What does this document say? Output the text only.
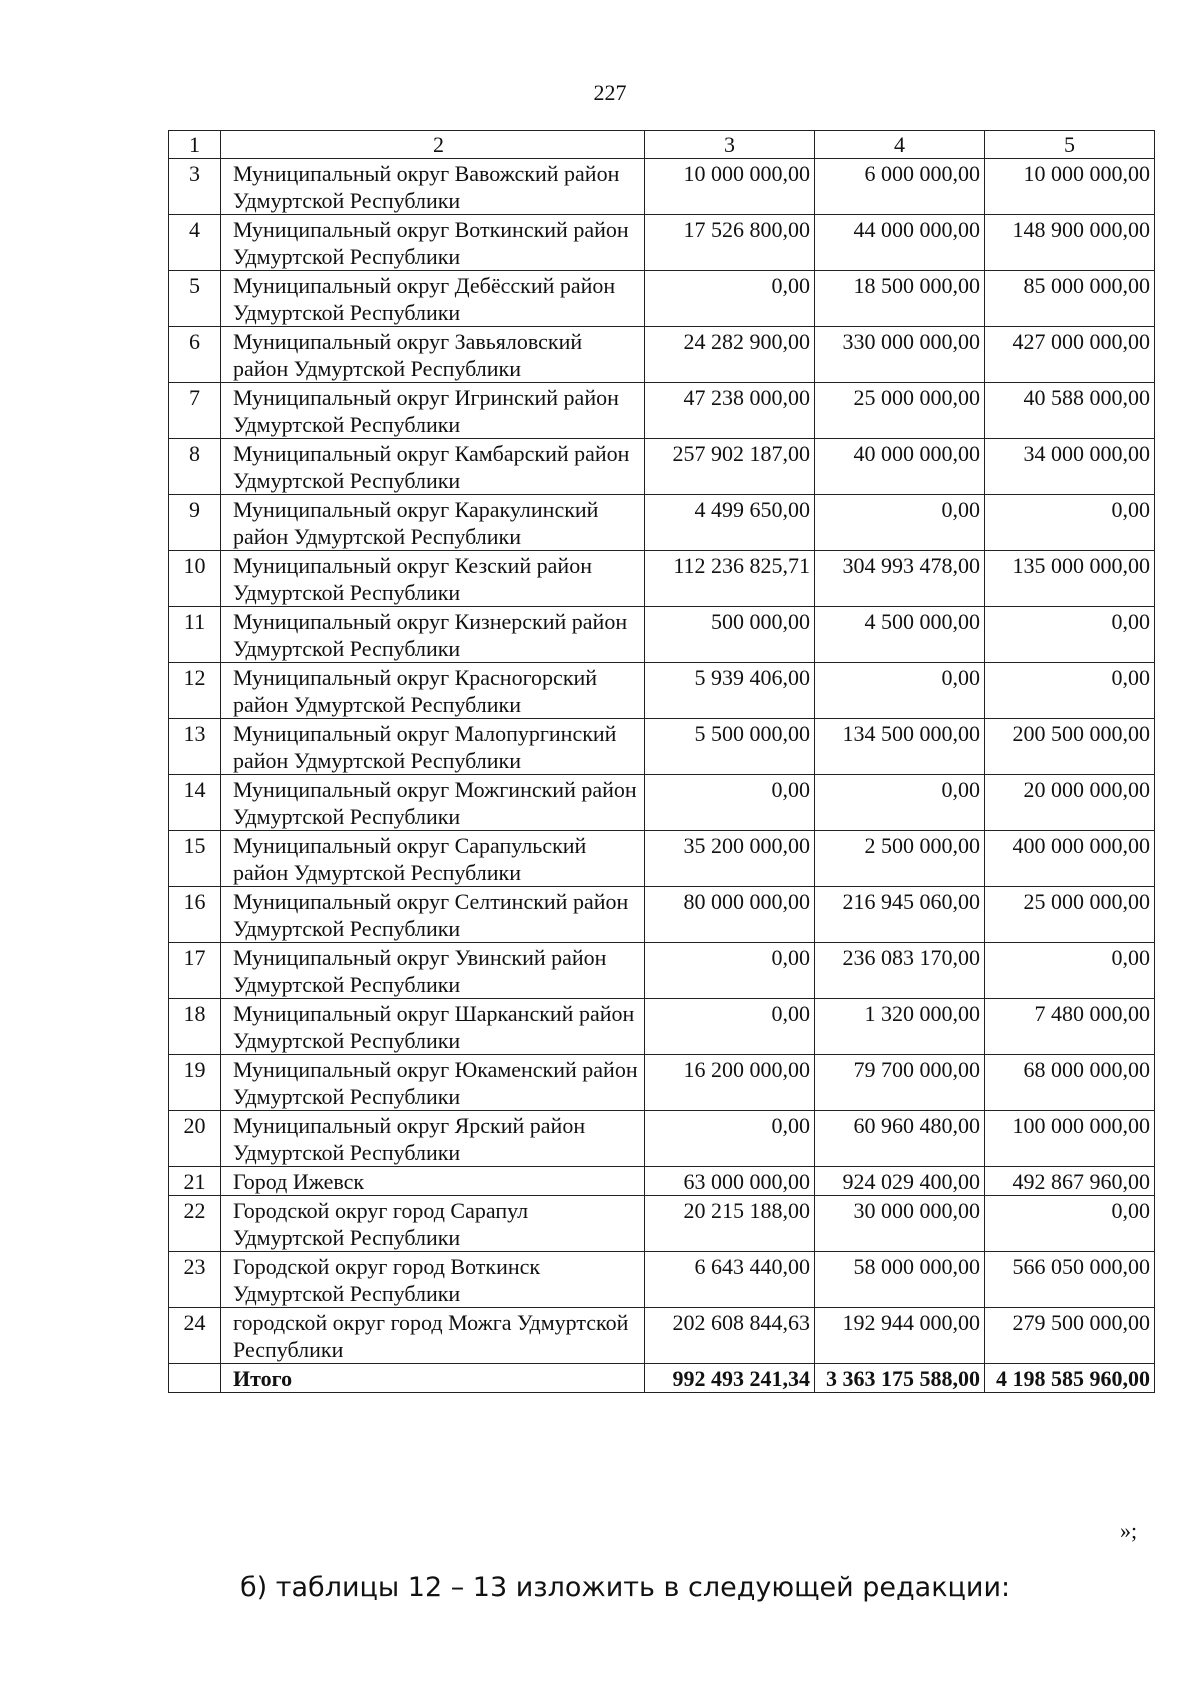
227
1	2	3	4	5
3	Муниципальный округ Вавожский район Удмуртской Республики	10 000 000,00	6 000 000,00	10 000 000,00
4	Муниципальный округ Воткинский район Удмуртской Республики	17 526 800,00	44 000 000,00	148 900 000,00
5	Муниципальный округ Дебёсский район Удмуртской Республики	0,00	18 500 000,00	85 000 000,00
6	Муниципальный округ Завьяловский район Удмуртской Республики	24 282 900,00	330 000 000,00	427 000 000,00
7	Муниципальный округ Игринский район Удмуртской Республики	47 238 000,00	25 000 000,00	40 588 000,00
8	Муниципальный округ Камбарский район Удмуртской Республики	257 902 187,00	40 000 000,00	34 000 000,00
9	Муниципальный округ Каракулинский район Удмуртской Республики	4 499 650,00	0,00	0,00
10	Муниципальный округ Кезский район Удмуртской Республики	112 236 825,71	304 993 478,00	135 000 000,00
11	Муниципальный округ Кизнерский район Удмуртской Республики	500 000,00	4 500 000,00	0,00
12	Муниципальный округ Красногорский район Удмуртской Республики	5 939 406,00	0,00	0,00
13	Муниципальный округ Малопургинский район Удмуртской Республики	5 500 000,00	134 500 000,00	200 500 000,00
14	Муниципальный округ Можгинский район Удмуртской Республики	0,00	0,00	20 000 000,00
15	Муниципальный округ Сарапульский район Удмуртской Республики	35 200 000,00	2 500 000,00	400 000 000,00
16	Муниципальный округ Селтинский район Удмуртской Республики	80 000 000,00	216 945 060,00	25 000 000,00
17	Муниципальный округ Увинский район Удмуртской Республики	0,00	236 083 170,00	0,00
18	Муниципальный округ Шарканский район Удмуртской Республики	0,00	1 320 000,00	7 480 000,00
19	Муниципальный округ Юкаменский район Удмуртской Республики	16 200 000,00	79 700 000,00	68 000 000,00
20	Муниципальный округ Ярский район Удмуртской Республики	0,00	60 960 480,00	100 000 000,00
21	Город Ижевск	63 000 000,00	924 029 400,00	492 867 960,00
22	Городской округ город Сарапул Удмуртской Республики	20 215 188,00	30 000 000,00	0,00
23	Городской округ город Воткинск Удмуртской Республики	6 643 440,00	58 000 000,00	566 050 000,00
24	городской округ город Можга Удмуртской Республики	202 608 844,63	192 944 000,00	279 500 000,00
	Итого	992 493 241,34	3 363 175 588,00	4 198 585 960,00
»;
б) таблицы 12 – 13 изложить в следующей редакции:
